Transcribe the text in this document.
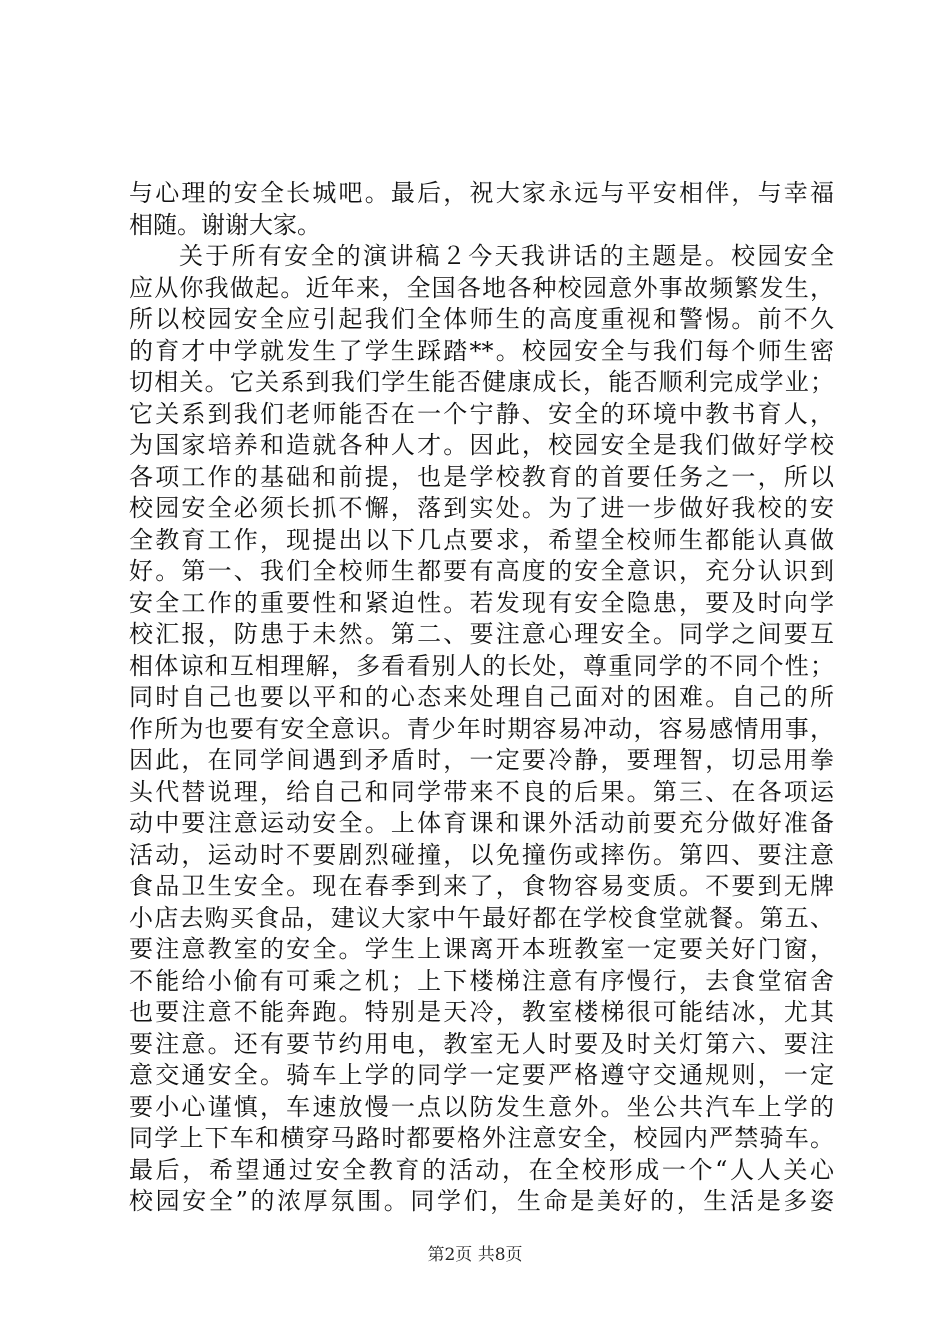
与心理的安全长城吧。最后，祝大家永远与平安相伴，与幸福
相随。谢谢大家。
关于所有安全的演讲稿２今天我讲话的主题是。校园安全
应从你我做起。近年来，全国各地各种校园意外事故频繁发生，
所以校园安全应引起我们全体师生的高度重视和警惕。前不久
的育才中学就发生了学生踩踏**。校园安全与我们每个师生密
切相关。它关系到我们学生能否健康成长，能否顺利完成学业；
它关系到我们老师能否在一个宁静、安全的环境中教书育人，
为国家培养和造就各种人才。因此，校园安全是我们做好学校
各项工作的基础和前提，也是学校教育的首要任务之一，所以
校园安全必须长抓不懈，落到实处。为了进一步做好我校的安
全教育工作，现提出以下几点要求，希望全校师生都能认真做
好。第一、我们全校师生都要有高度的安全意识，充分认识到
安全工作的重要性和紧迫性。若发现有安全隐患，要及时向学
校汇报，防患于未然。第二、要注意心理安全。同学之间要互
相体谅和互相理解，多看看别人的长处，尊重同学的不同个性；
同时自己也要以平和的心态来处理自己面对的困难。自己的所
作所为也要有安全意识。青少年时期容易冲动，容易感情用事，
因此，在同学间遇到矛盾时，一定要冷静，要理智，切忌用拳
头代替说理，给自己和同学带来不良的后果。第三、在各项运
动中要注意运动安全。上体育课和课外活动前要充分做好准备
活动，运动时不要剧烈碰撞，以免撞伤或摔伤。第四、要注意
食品卫生安全。现在春季到来了，食物容易变质。不要到无牌
小店去购买食品，建议大家中午最好都在学校食堂就餐。第五、
要注意教室的安全。学生上课离开本班教室一定要关好门窗，
不能给小偷有可乘之机；上下楼梯注意有序慢行，去食堂宿舍
也要注意不能奔跑。特别是天冷，教室楼梯很可能结冰，尤其
要注意。还有要节约用电，教室无人时要及时关灯第六、要注
意交通安全。骑车上学的同学一定要严格遵守交通规则，一定
要小心谨慎，车速放慢一点以防发生意外。坐公共汽车上学的
同学上下车和横穿马路时都要格外注意安全，校园内严禁骑车。
最后，希望通过安全教育的活动，在全校形成一个“人人关心
校园安全”的浓厚氛围。同学们，生命是美好的，生活是多姿
第2页 共8页
